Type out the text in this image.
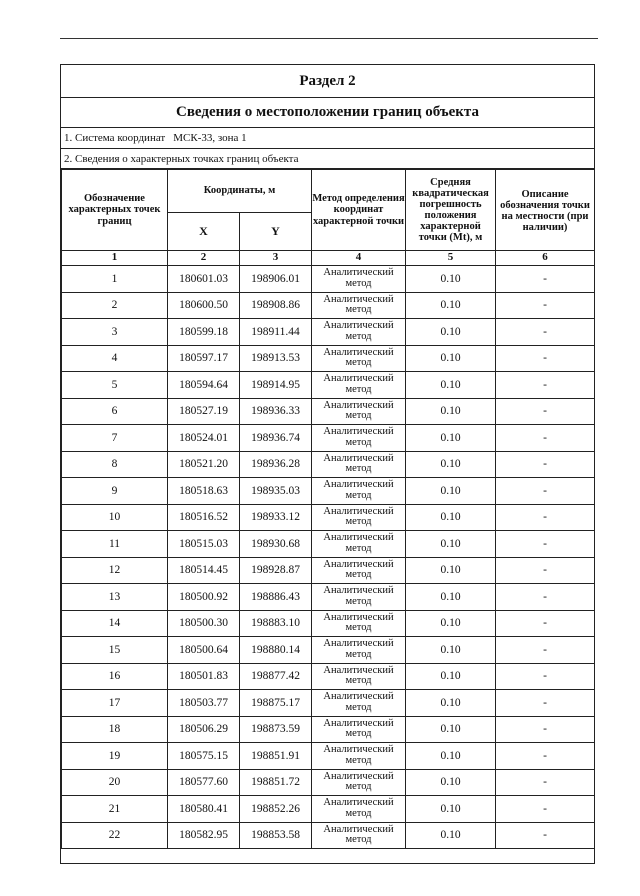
Раздел 2
Сведения о местоположении границ объекта
1. Система координат МСК-33, зона 1
2. Сведения о характерных точках границ объекта
Обозначение характерных точек границ	Координаты, м		Метод определения координат характерной точки	Средняя квадратическая погрешность положения характерной точки (Mt), м	Описание обозначения точки на местности (при наличии)
	X	Y			
1	2	3	4	5	6
1	180601.03	198906.01	Аналитический метод	0.10	-
2	180600.50	198908.86	Аналитический метод	0.10	-
3	180599.18	198911.44	Аналитический метод	0.10	-
4	180597.17	198913.53	Аналитический метод	0.10	-
5	180594.64	198914.95	Аналитический метод	0.10	-
6	180527.19	198936.33	Аналитический метод	0.10	-
7	180524.01	198936.74	Аналитический метод	0.10	-
8	180521.20	198936.28	Аналитический метод	0.10	-
9	180518.63	198935.03	Аналитический метод	0.10	-
10	180516.52	198933.12	Аналитический метод	0.10	-
11	180515.03	198930.68	Аналитический метод	0.10	-
12	180514.45	198928.87	Аналитический метод	0.10	-
13	180500.92	198886.43	Аналитический метод	0.10	-
14	180500.30	198883.10	Аналитический метод	0.10	-
15	180500.64	198880.14	Аналитический метод	0.10	-
16	180501.83	198877.42	Аналитический метод	0.10	-
17	180503.77	198875.17	Аналитический метод	0.10	-
18	180506.29	198873.59	Аналитический метод	0.10	-
19	180575.15	198851.91	Аналитический метод	0.10	-
20	180577.60	198851.72	Аналитический метод	0.10	-
21	180580.41	198852.26	Аналитический метод	0.10	-
22	180582.95	198853.58	Аналитический метод	0.10	-
